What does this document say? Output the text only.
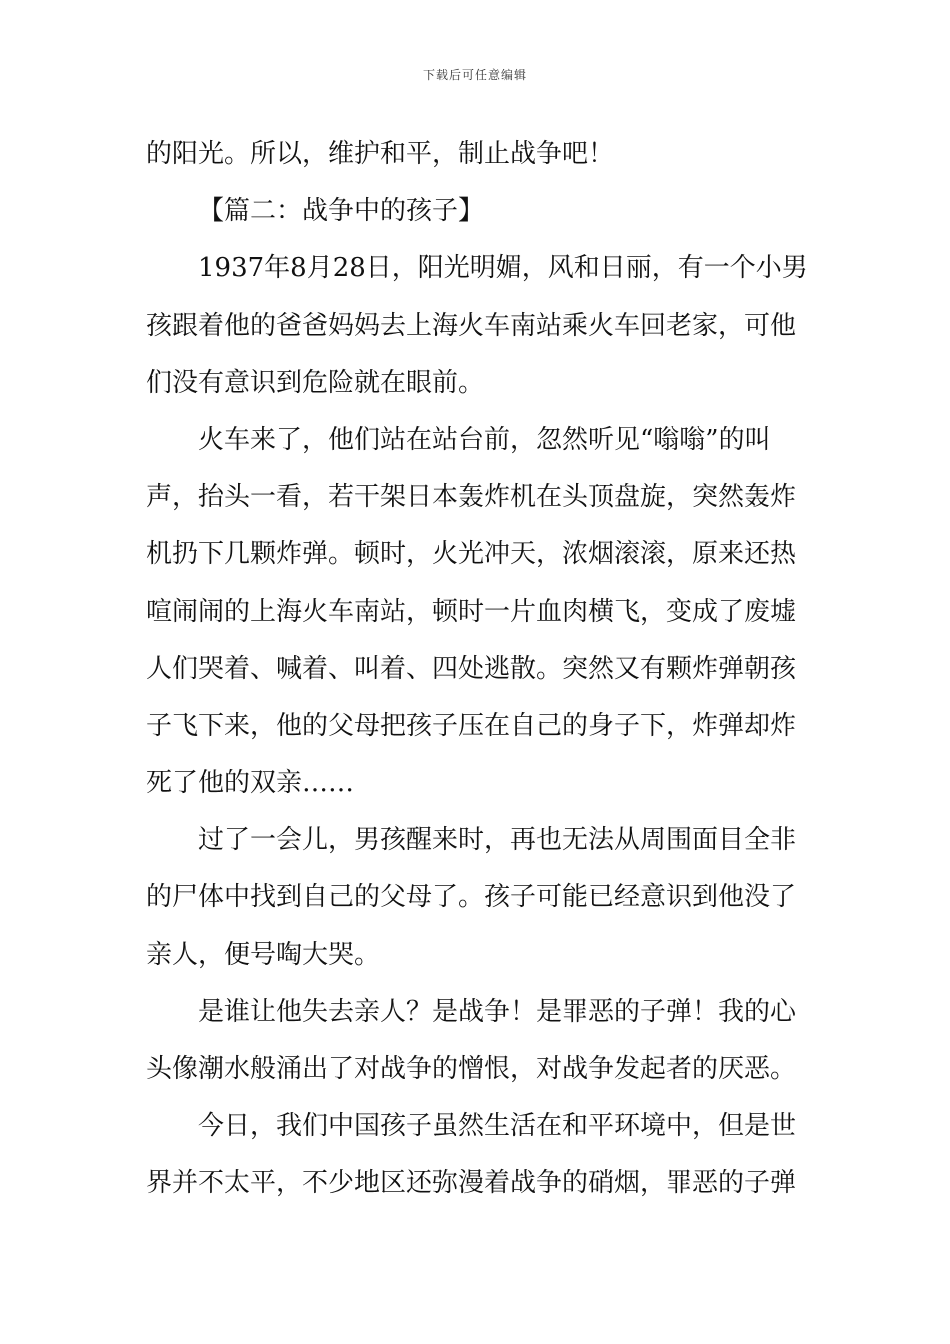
下载后可任意编辑
的阳光。所以，维护和平，制止战争吧！
【篇二：战争中的孩子】
1937年8月28日，阳光明媚，风和日丽，有一个小男
孩跟着他的爸爸妈妈去上海火车南站乘火车回老家，可他
们没有意识到危险就在眼前。
火车来了，他们站在站台前，忽然听见“嗡嗡”的叫
声，抬头一看，若干架日本轰炸机在头顶盘旋，突然轰炸
机扔下几颗炸弹。顿时，火光冲天，浓烟滚滚，原来还热
喧闹闹的上海火车南站，顿时一片血肉横飞，变成了废墟
人们哭着、喊着、叫着、四处逃散。突然又有颗炸弹朝孩
子飞下来，他的父母把孩子压在自己的身子下，炸弹却炸
死了他的双亲……
过了一会儿，男孩醒来时，再也无法从周围面目全非
的尸体中找到自己的父母了。孩子可能已经意识到他没了
亲人，便号啕大哭。
是谁让他失去亲人？是战争！是罪恶的子弹！我的心
头像潮水般涌出了对战争的憎恨，对战争发起者的厌恶。
今日，我们中国孩子虽然生活在和平环境中，但是世
界并不太平，不少地区还弥漫着战争的硝烟，罪恶的子弹
